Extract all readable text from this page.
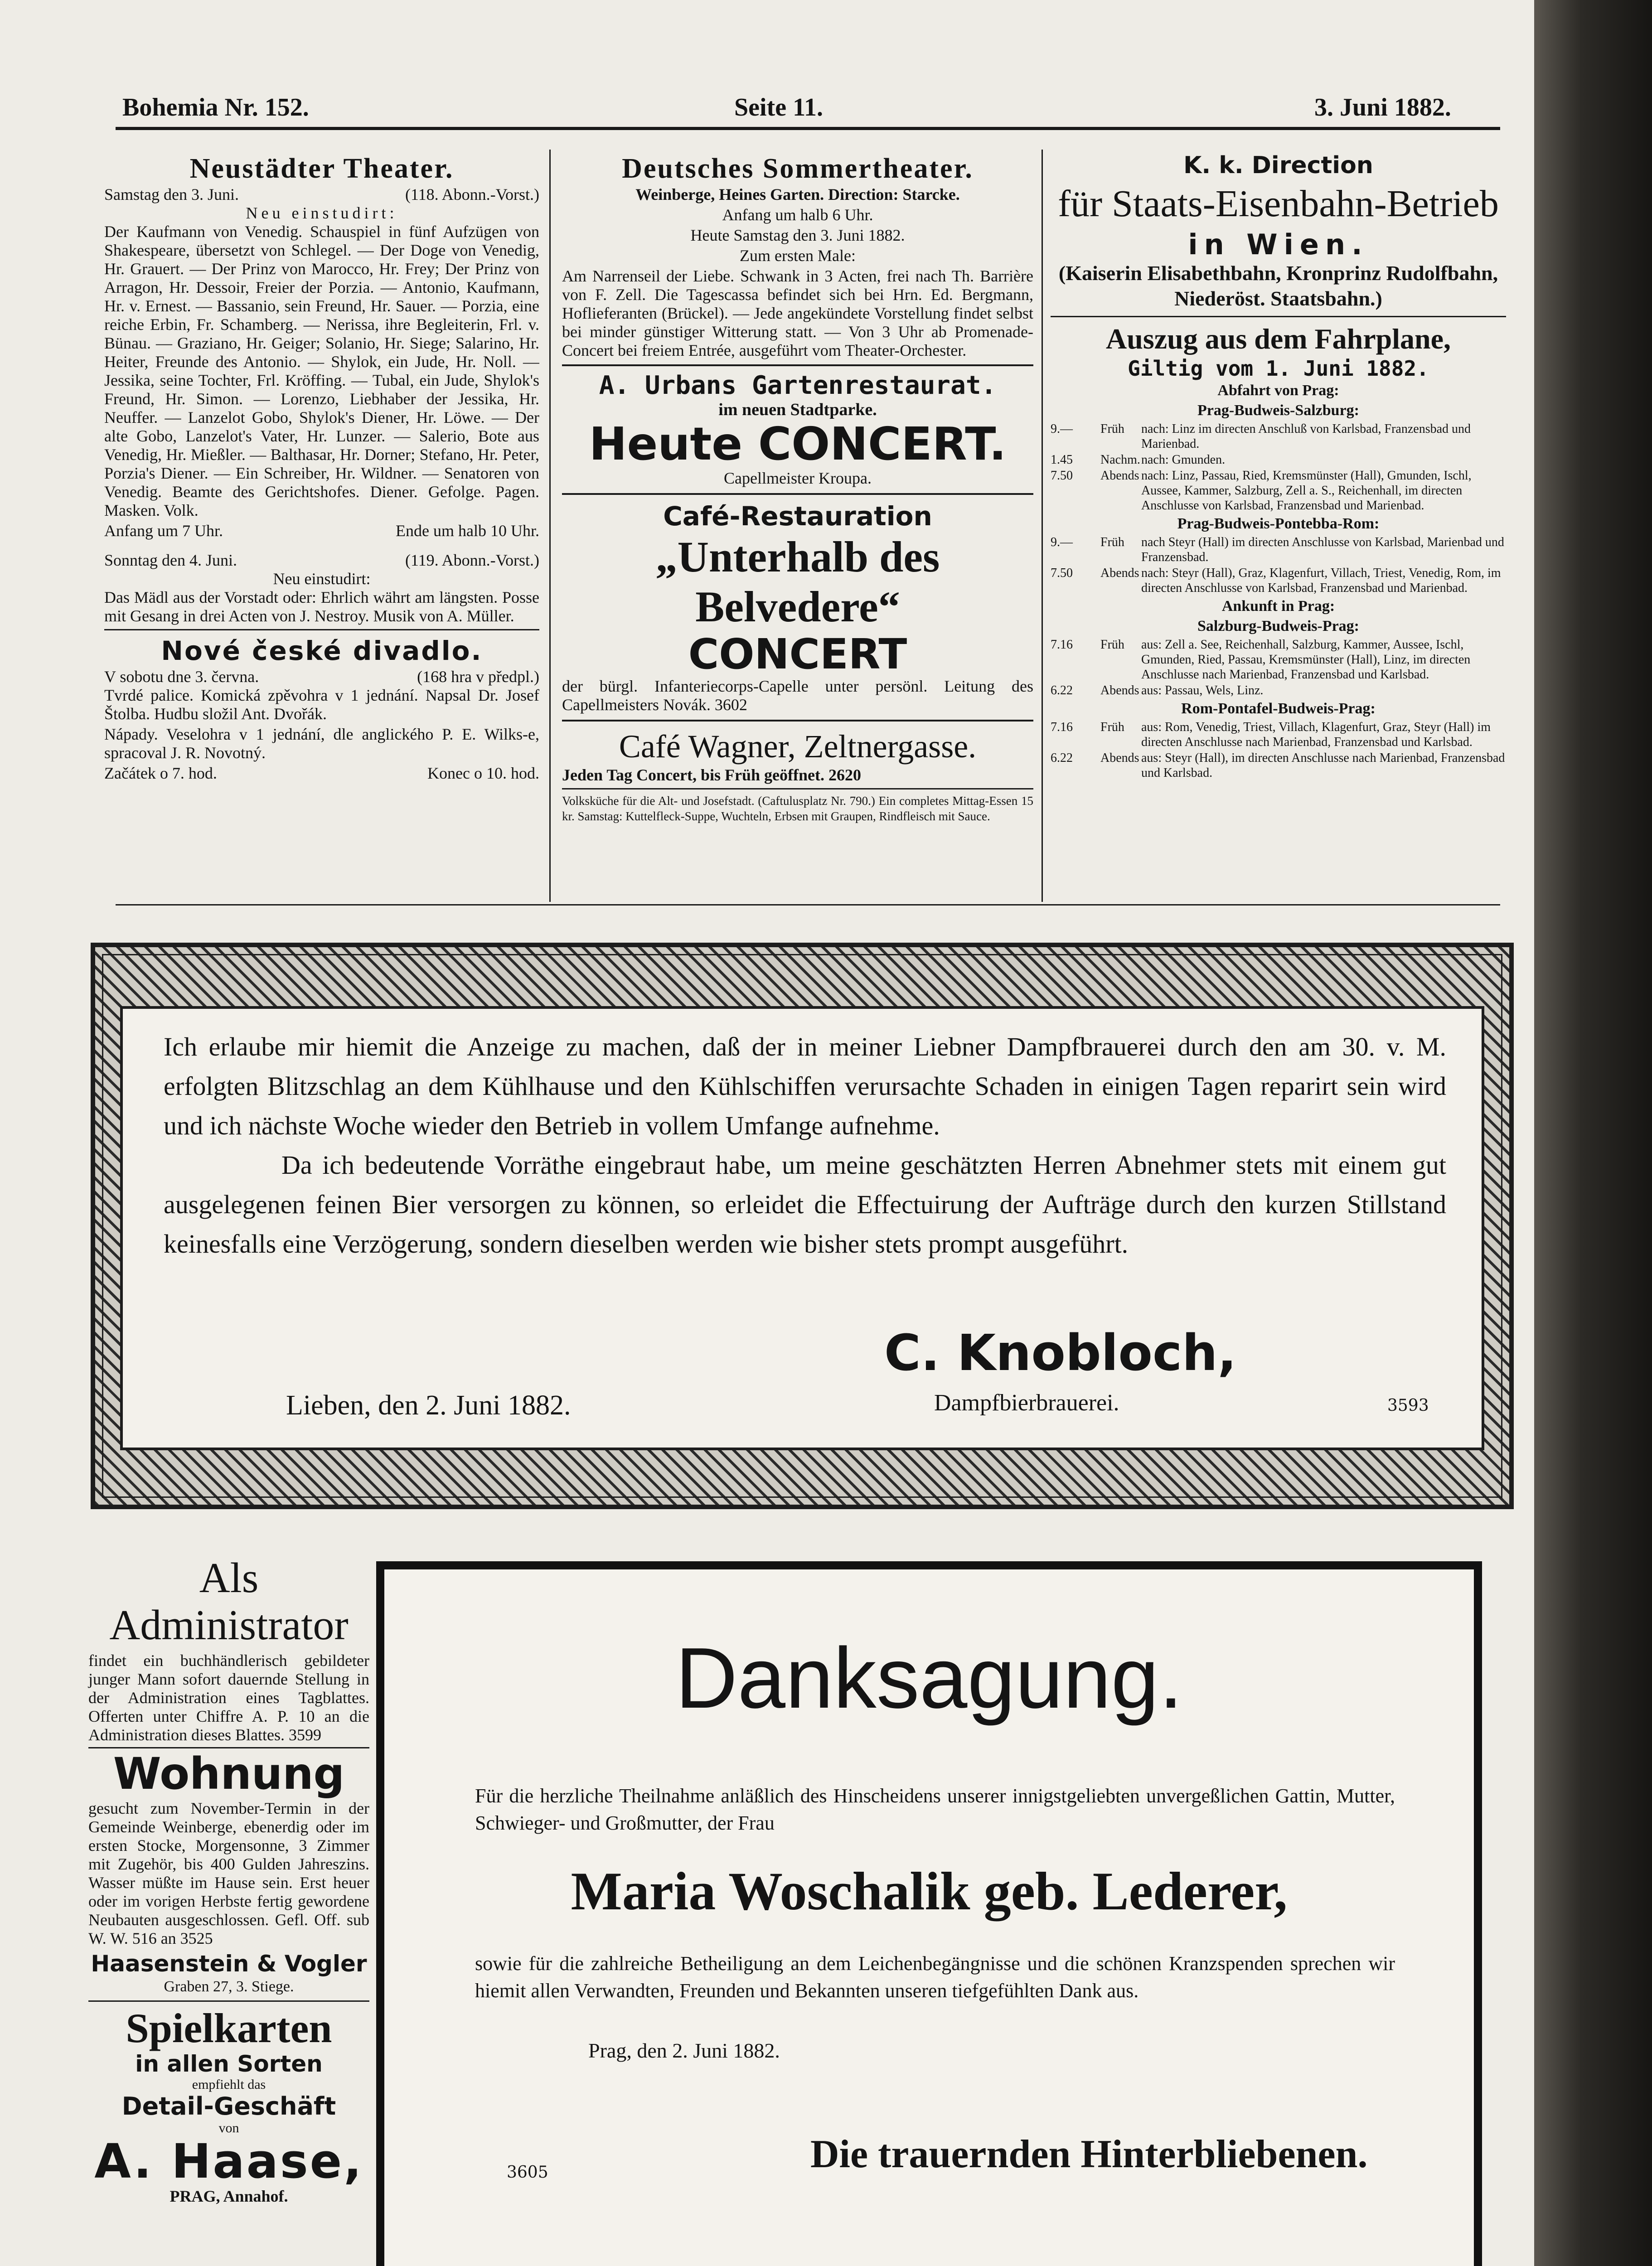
Bohemia Nr. 152.	Seite 11.	3. Juni 1882.
Neustädter Theater.
Samstag den 3. Juni.	(118. Abonn.-Vorst.)
Neu einstudirt:

Der Kaufmann von Venedig. Schauspiel in fünf Aufzügen von Shakespeare, übersetzt von Schlegel. — Der Doge von Venedig, Hr. Grauert. — Der Prinz von Marocco, Hr. Frey; Der Prinz von Arragon, Hr. Dessoir, Freier der Porzia. — Antonio, Kaufmann, Hr. v. Ernest. — Bassanio, sein Freund, Hr. Sauer. — Porzia, eine reiche Erbin, Fr. Schamberg. — Nerissa, ihre Begleiterin, Frl. v. Bünau. — Graziano, Hr. Geiger; Solanio, Hr. Siege; Salarino, Hr. Heiter, Freunde des Antonio. — Shylok, ein Jude, Hr. Noll. — Jessika, seine Tochter, Frl. Kröffing. — Tubal, ein Jude, Shylok's Freund, Hr. Simon. — Lorenzo, Liebhaber der Jessika, Hr. Neuffer. — Lanzelot Gobo, Shylok's Diener, Hr. Löwe. — Der alte Gobo, Lanzelot's Vater, Hr. Lunzer. — Salerio, Bote aus Venedig, Hr. Mießler. — Balthasar, Hr. Dorner; Stefano, Hr. Peter, Porzia's Diener. — Ein Schreiber, Hr. Wildner. — Senatoren von Venedig. Beamte des Gerichtshofes. Diener. Gefolge. Pagen. Masken. Volk.

Anfang um 7 Uhr.	Ende um halb 10 Uhr.
Sonntag den 4. Juni.	(119. Abonn.-Vorst.)
Neu einstudirt:

Das Mädl aus der Vorstadt oder: Ehrlich währt am längsten. Posse mit Gesang in drei Acten von J. Nestroy. Musik von A. Müller.

Nové české divadlo.
V sobotu dne 3. června.	(168 hra v předpl.)

Tvrdé palice. Komická zpěvohra v 1 jednání. Napsal Dr. Josef Štolba. Hudbu složil Ant. Dvořák.

Nápady. Veselohra v 1 jednání, dle anglického P. E. Wilks-e, spracoval J. R. Novotný.

Začátek o 7. hod.	Konec o 10. hod.
Deutsches Sommertheater.

Weinberge, Heines Garten. Direction: Starcke.

Anfang um halb 6 Uhr.

Heute Samstag den 3. Juni 1882.

Zum ersten Male:

Am Narrenseil der Liebe. Schwank in 3 Acten, frei nach Th. Barrière von F. Zell. Die Tagescassa befindet sich bei Hrn. Ed. Bergmann, Hoflieferanten (Brückel). — Jede angekündete Vorstellung findet selbst bei minder günstiger Witterung statt. — Von 3 Uhr ab Promenade-Concert bei freiem Entrée, ausgeführt vom Theater-Orchester.

A. Urbans Gartenrestaurat.
im neuen Stadtparke.
Heute CONCERT.
Capellmeister Kroupa.
Café-Restauration
„Unterhalb des Belvedere“
CONCERT

der bürgl. Infanteriecorps-Capelle unter persönl. Leitung des Capellmeisters Novák. 3602

Café Wagner, Zeltnergasse.

Jeden Tag Concert, bis Früh geöffnet. 2620

Volksküche für die Alt- und Josefstadt. (Caftulusplatz Nr. 790.) Ein completes Mittag-Essen 15 kr. Samstag: Kuttelfleck-Suppe, Wuchteln, Erbsen mit Graupen, Rindfleisch mit Sauce.

K. k. Direction
für Staats-Eisenbahn-Betrieb
in Wien.
(Kaiserin Elisabethbahn, Kronprinz Rudolfbahn, Niederöst. Staatsbahn.)
Auszug aus dem Fahrplane,
Giltig vom 1. Juni 1882.
Abfahrt von Prag:
Prag-Budweis-Salzburg:
9.—	Früh	nach: Linz im directen Anschluß von Karlsbad, Franzensbad und Marienbad.
1.45	Nachm. nach: Gmunden.
7.50	Abends nach: Linz, Passau, Ried, Kremsmünster (Hall), Gmunden, Ischl, Aussee, Kammer, Salzburg, Zell a. S., Reichenhall, im directen Anschlusse von Karlsbad, Franzensbad und Marienbad.
Prag-Budweis-Pontebba-Rom:
9.—	Früh	nach Steyr (Hall) im directen Anschlusse von Karlsbad, Marienbad und Franzensbad.
7.50	Abends nach: Steyr (Hall), Graz, Klagenfurt, Villach, Triest, Venedig, Rom, im directen Anschlusse von Karlsbad, Franzensbad und Marienbad.
Ankunft in Prag:
Salzburg-Budweis-Prag:
7.16	Früh	aus: Zell a. See, Reichenhall, Salzburg, Kammer, Aussee, Ischl, Gmunden, Ried, Passau, Kremsmünster (Hall), Linz, im directen Anschlusse nach Marienbad, Franzensbad und Karlsbad.
6.22	Abends aus: Passau, Wels, Linz.
Rom-Pontafel-Budweis-Prag:
7.16	Früh	aus: Rom, Venedig, Triest, Villach, Klagenfurt, Graz, Steyr (Hall) im directen Anschlusse nach Marienbad, Franzensbad und Karlsbad.
6.22	Abends aus: Steyr (Hall), im directen Anschlusse nach Marienbad, Franzensbad und Karlsbad.

Ich erlaube mir hiemit die Anzeige zu machen, daß der in meiner Liebner Dampfbrauerei durch den am 30. v. M. erfolgten Blitzschlag an dem Kühlhause und den Kühlschiffen verursachte Schaden in einigen Tagen reparirt sein wird und ich nächste Woche wieder den Betrieb in vollem Umfange aufnehme.

Da ich bedeutende Vorräthe eingebraut habe, um meine geschätzten Herren Abnehmer stets mit einem gut ausgelegenen feinen Bier versorgen zu können, so erleidet die Effectuirung der Aufträge durch den kurzen Stillstand keinesfalls eine Verzögerung, sondern dieselben werden wie bisher stets prompt ausgeführt.

C. Knobloch,
Dampfbierbrauerei.
Lieben, den 2. Juni 1882.	3593
Als Administrator

findet ein buchhändlerisch gebildeter junger Mann sofort dauernde Stellung in der Administration eines Tagblattes. Offerten unter Chiffre A. P. 10 an die Administration dieses Blattes. 3599

Wohnung

gesucht zum November-Termin in der Gemeinde Weinberge, ebenerdig oder im ersten Stocke, Morgensonne, 3 Zimmer mit Zugehör, bis 400 Gulden Jahreszins. Wasser müßte im Hause sein. Erst heuer oder im vorigen Herbste fertig gewordene Neubauten ausgeschlossen. Gefl. Off. sub W. W. 516 an 3525

Haasenstein & Vogler
Graben 27, 3. Stiege.
Spielkarten
in allen Sorten
empfiehlt das
Detail-Geschäft
von
A. Haase,
PRAG, Annahof.
Danksagung.
Für die herzliche Theilnahme anläßlich des Hinscheidens unserer innigstgeliebten unvergeßlichen Gattin, Mutter, Schwieger- und Großmutter, der Frau
Maria Woschalik geb. Lederer,
sowie für die zahlreiche Betheiligung an dem Leichenbegängnisse und die schönen Kranzspenden sprechen wir hiemit allen Verwandten, Freunden und Bekannten unseren tiefgefühlten Dank aus.
Prag, den 2. Juni 1882.
3605	Die trauernden Hinterbliebenen.
